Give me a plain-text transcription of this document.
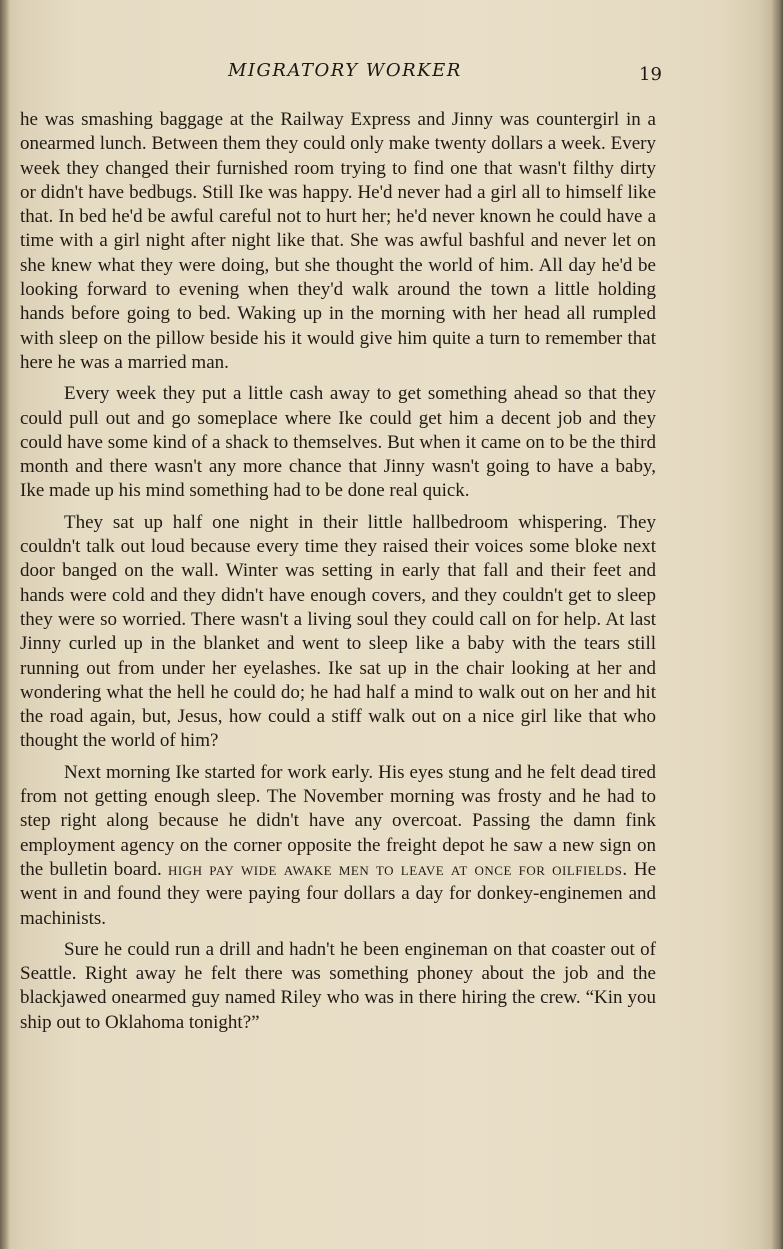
MIGRATORY WORKER	19

he was smashing baggage at the Railway Express and Jinny was countergirl in a onearmed lunch. Between them they could only make twenty dollars a week. Every week they changed their furnished room trying to find one that wasn't filthy dirty or didn't have bedbugs. Still Ike was happy. He'd never had a girl all to himself like that. In bed he'd be awful careful not to hurt her; he'd never known he could have a time with a girl night after night like that. She was awful bashful and never let on she knew what they were doing, but she thought the world of him. All day he'd be looking forward to evening when they'd walk around the town a little holding hands before going to bed. Waking up in the morning with her head all rumpled with sleep on the pillow beside his it would give him quite a turn to remember that here he was a married man.

Every week they put a little cash away to get something ahead so that they could pull out and go someplace where Ike could get him a decent job and they could have some kind of a shack to themselves. But when it came on to be the third month and there wasn't any more chance that Jinny wasn't going to have a baby, Ike made up his mind something had to be done real quick.

They sat up half one night in their little hallbedroom whispering. They couldn't talk out loud because every time they raised their voices some bloke next door banged on the wall. Winter was setting in early that fall and their feet and hands were cold and they didn't have enough covers, and they couldn't get to sleep they were so worried. There wasn't a living soul they could call on for help. At last Jinny curled up in the blanket and went to sleep like a baby with the tears still running out from under her eyelashes. Ike sat up in the chair looking at her and wondering what the hell he could do; he had half a mind to walk out on her and hit the road again, but, Jesus, how could a stiff walk out on a nice girl like that who thought the world of him?

Next morning Ike started for work early. His eyes stung and he felt dead tired from not getting enough sleep. The November morning was frosty and he had to step right along because he didn't have any overcoat. Passing the damn fink employment agency on the corner opposite the freight depot he saw a new sign on the bulletin board. high pay wide awake men to leave at once for oilfields. He went in and found they were paying four dollars a day for donkey-enginemen and machinists.

Sure he could run a drill and hadn't he been engineman on that coaster out of Seattle. Right away he felt there was something phoney about the job and the blackjawed onearmed guy named Riley who was in there hiring the crew. “Kin you ship out to Oklahoma tonight?”
